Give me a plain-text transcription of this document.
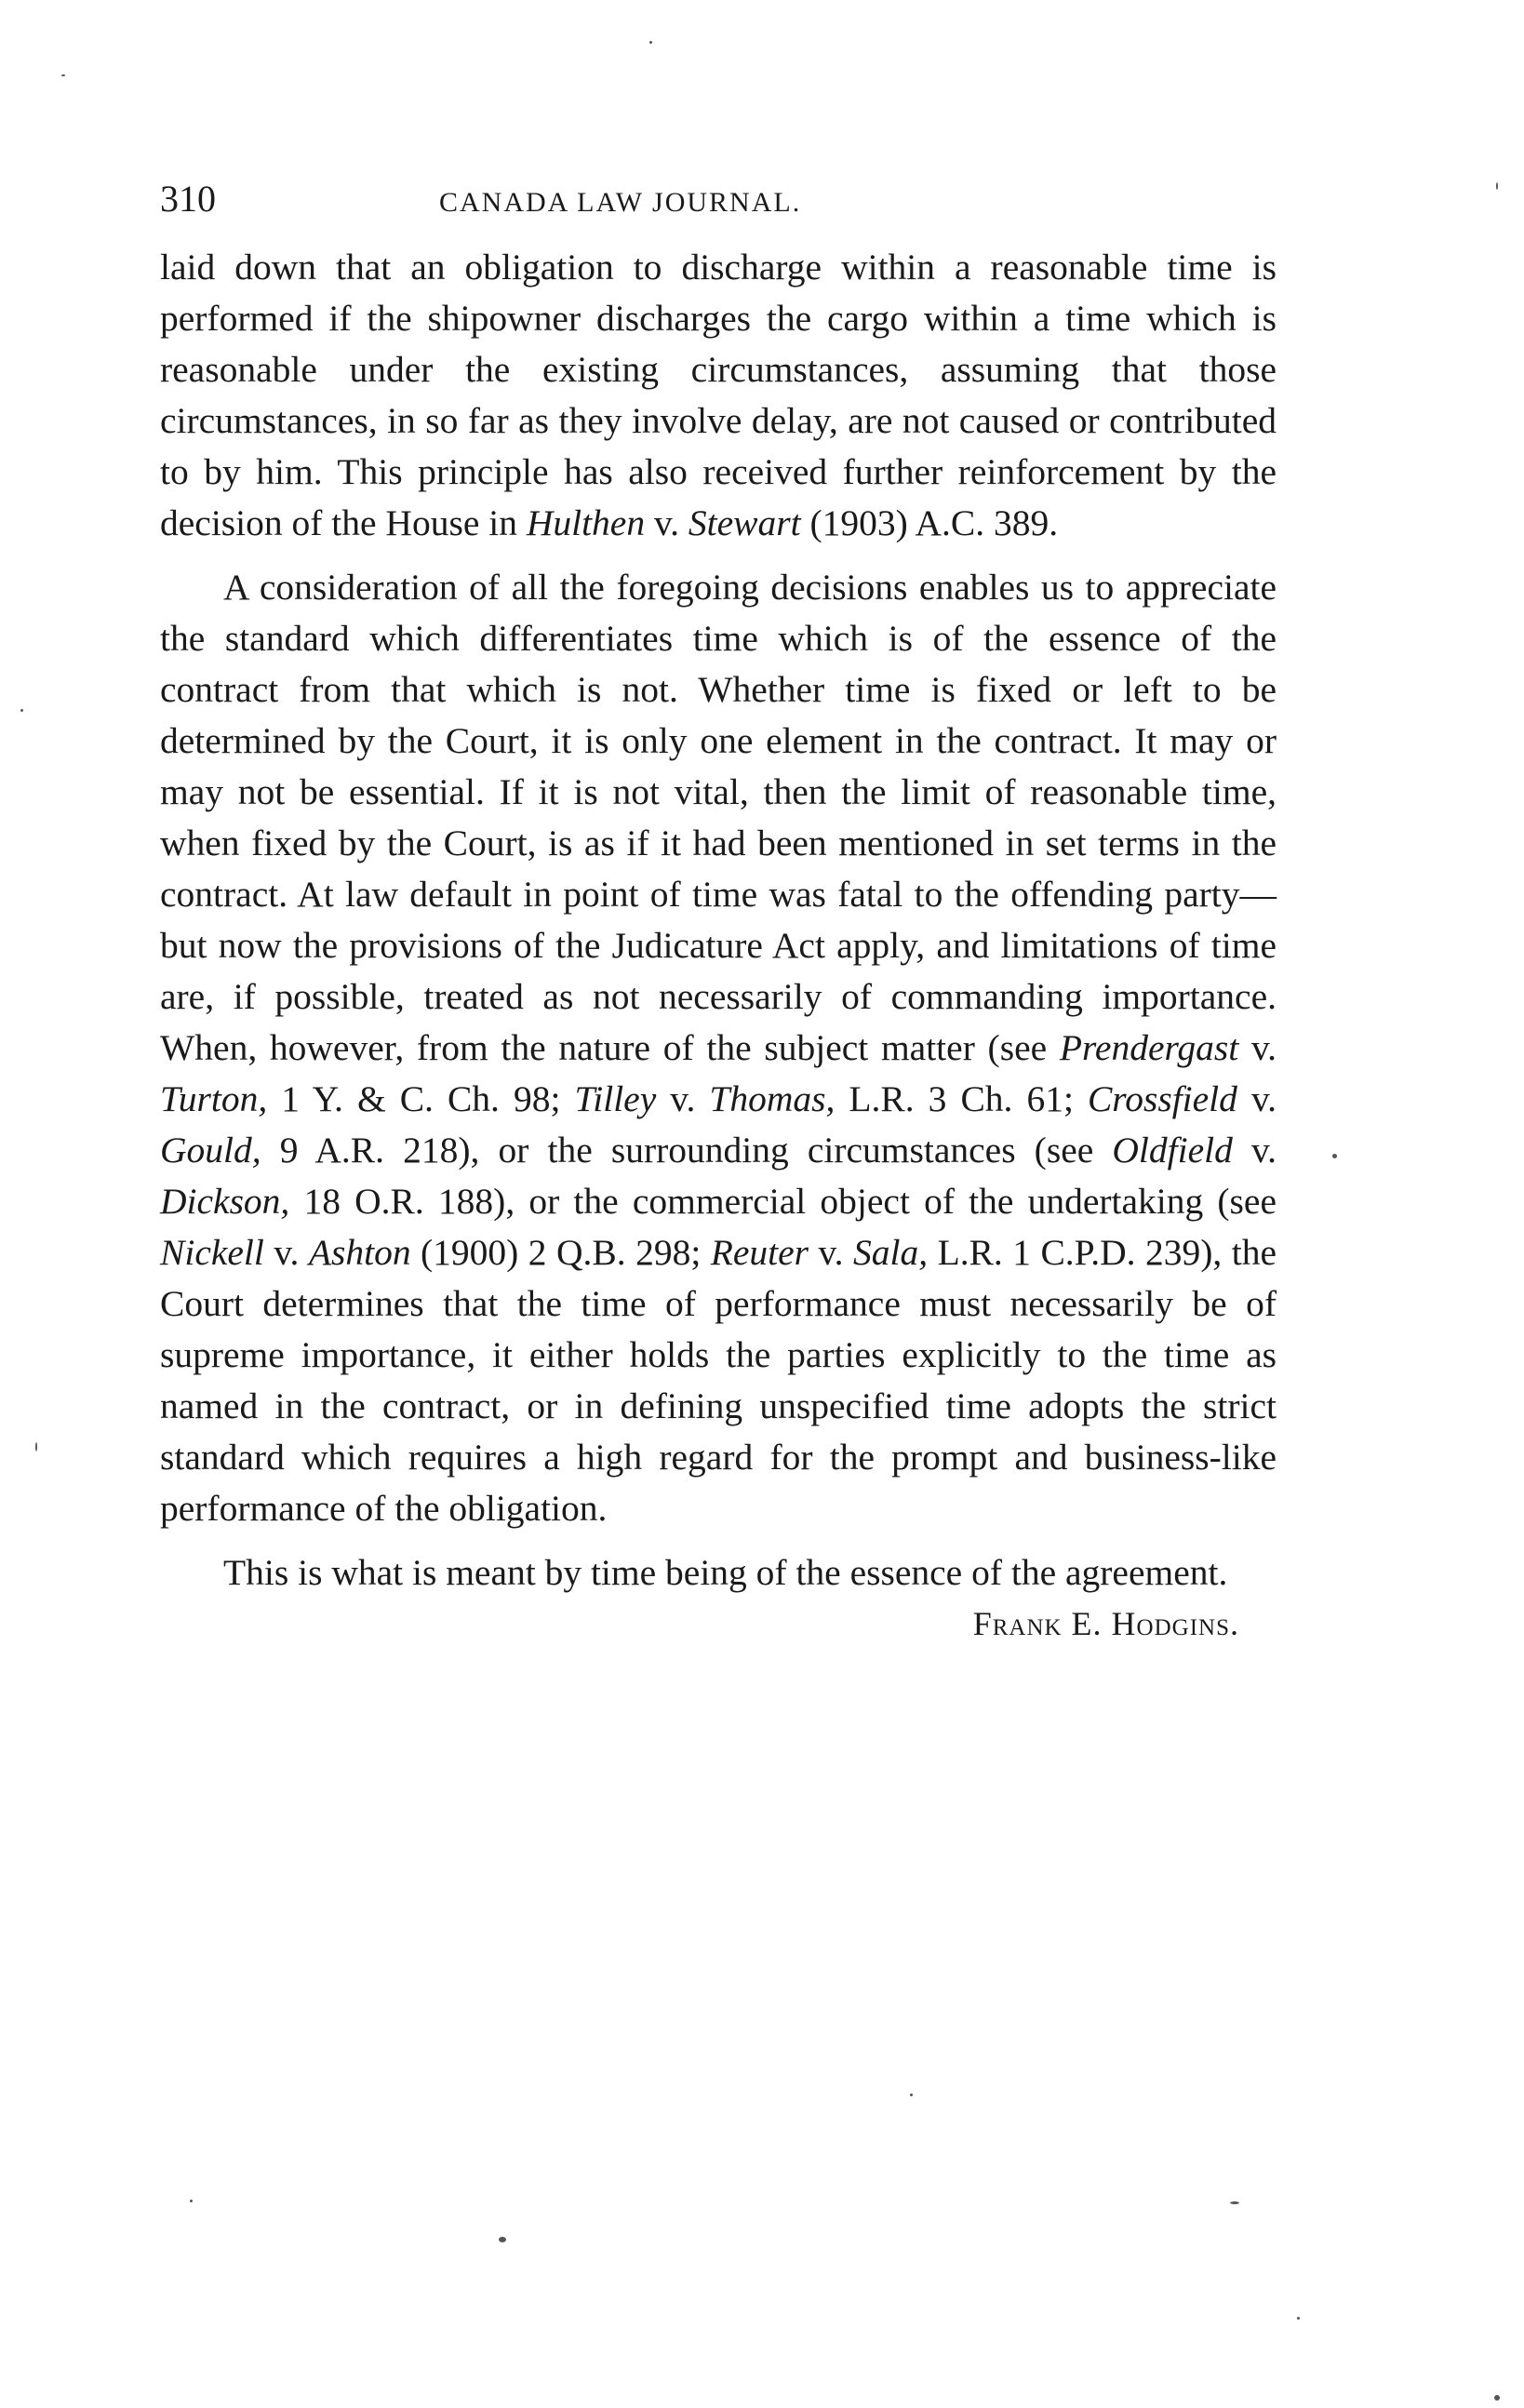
310	CANADA LAW JOURNAL.

laid down that an obligation to discharge within a reasonable time is performed if the shipowner discharges the cargo within a time which is reasonable under the existing circumstances, assuming that those circumstances, in so far as they involve delay, are not caused or contributed to by him. This principle has also received further reinforcement by the decision of the House in Hulthen v. Stewart (1903) A.C. 389.

A consideration of all the foregoing decisions enables us to appreciate the standard which differentiates time which is of the essence of the contract from that which is not. Whether time is fixed or left to be determined by the Court, it is only one element in the contract. It may or may not be essential. If it is not vital, then the limit of reasonable time, when fixed by the Court, is as if it had been mentioned in set terms in the contract. At law default in point of time was fatal to the offending party—but now the provisions of the Judicature Act apply, and limitations of time are, if possible, treated as not necessarily of commanding importance. When, however, from the nature of the subject matter (see Prendergast v. Turton, 1 Y. & C. Ch. 98; Tilley v. Thomas, L.R. 3 Ch. 61; Crossfield v. Gould, 9 A.R. 218), or the surrounding circumstances (see Oldfield v. Dickson, 18 O.R. 188), or the commercial object of the undertaking (see Nickell v. Ashton (1900) 2 Q.B. 298; Reuter v. Sala, L.R. 1 C.P.D. 239), the Court determines that the time of performance must necessarily be of supreme importance, it either holds the parties explicitly to the time as named in the contract, or in defining unspecified time adopts the strict standard which requires a high regard for the prompt and business-like performance of the obligation.

This is what is meant by time being of the essence of the agreement.

Frank E. Hodgins.
